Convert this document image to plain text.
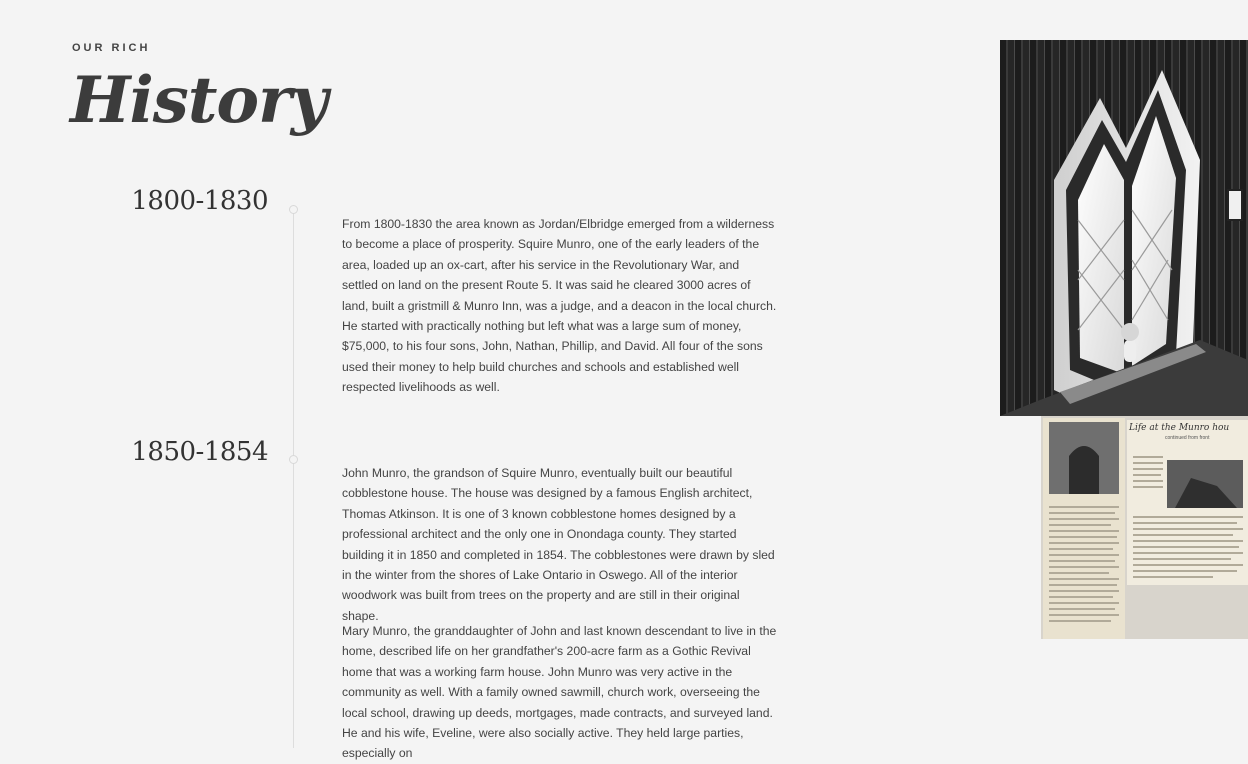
OUR RICH
History
1800-1830

From 1800-1830 the area known as Jordan/Elbridge emerged from a wilderness to become a place of prosperity. Squire Munro, one of the early leaders of the area, loaded up an ox-cart, after his service in the Revolutionary War, and settled on land on the present Route 5. It was said he cleared 3000 acres of land, built a gristmill & Munro Inn, was a judge, and a deacon in the local church. He started with practically nothing but left what was a large sum of money, $75,000, to his four sons, John, Nathan, Phillip, and David. All four of the sons used their money to help build churches and schools and established well respected livelihoods as well.

1850-1854

John Munro, the grandson of Squire Munro, eventually built our beautiful cobblestone house. The house was designed by a famous English architect, Thomas Atkinson. It is one of 3 known cobblestone homes designed by a professional architect and the only one in Onondaga county. They started building it in 1850 and completed in 1854. The cobblestones were drawn by sled in the winter from the shores of Lake Ontario in Oswego. All of the interior woodwork was built from trees on the property and are still in their original shape.

Mary Munro, the granddaughter of John and last known descendant to live in the home, described life on her grandfather's 200-acre farm as a Gothic Revival home that was a working farm house. John Munro was very active in the community as well. With a family owned sawmill, church work, overseeing the local school, drawing up deeds, mortgages, made contracts, and surveyed land. He and his wife, Eveline, were also socially active. They held large parties, especially on

Life at the Munro hou
continued from front
